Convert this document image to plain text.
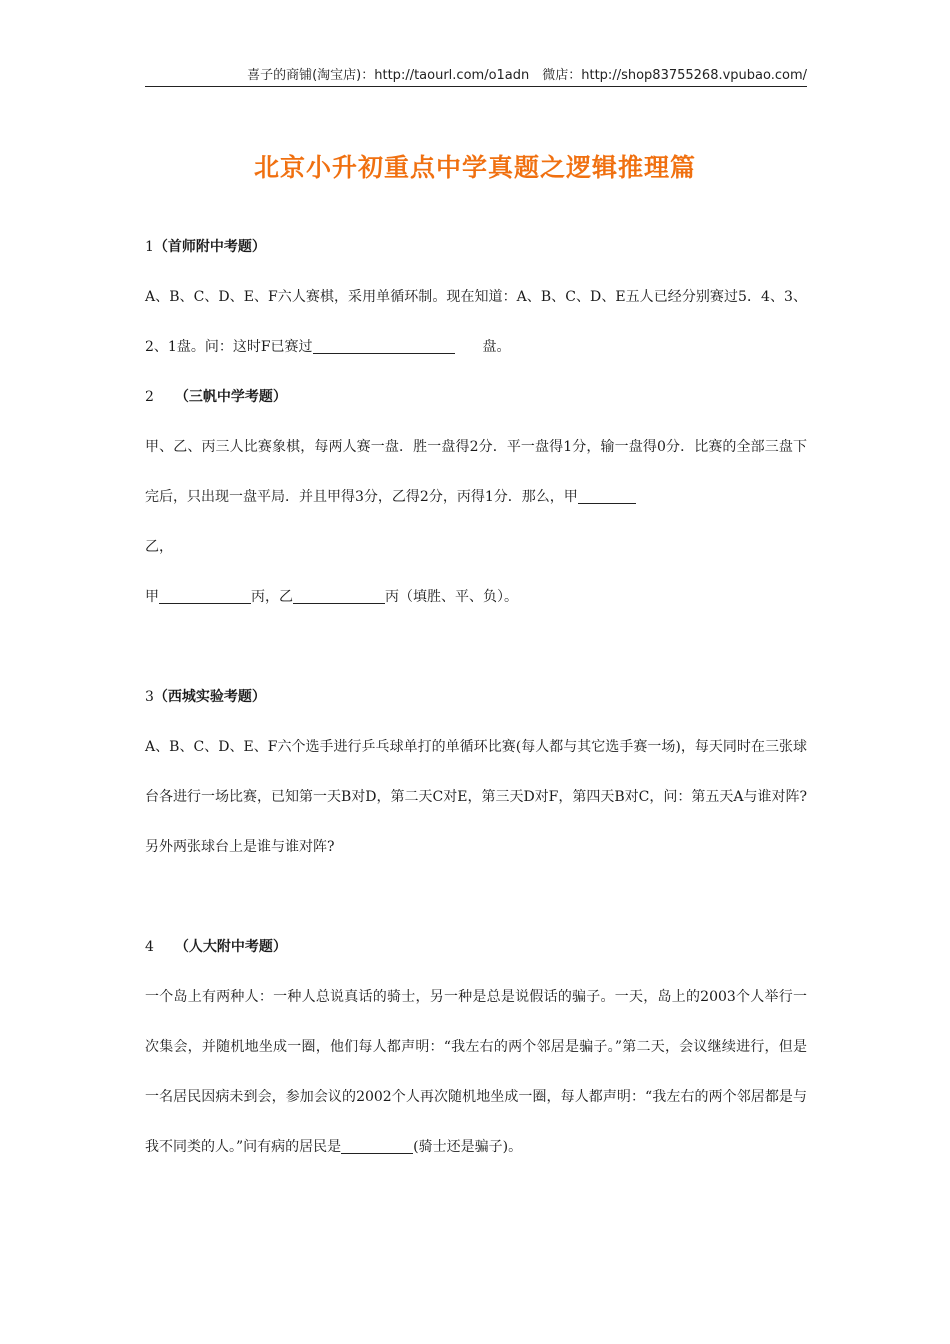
喜子的商铺(淘宝店)：http://taourl.com/o1adn　微店：http://shop83755268.vpubao.com/
北京小升初重点中学真题之逻辑推理篇

1（首师附中考题）

A、B、C、D、E、F六人赛棋，采用单循环制。现在知道：A、B、C、D、E五人已经分别赛过5．4、3、2、1盘。问：这时F已赛过　　	盘。

2　　 （三帆中学考题）

甲、乙、丙三人比赛象棋，每两人赛一盘．胜一盘得2分．平一盘得1分，输一盘得0分．比赛的全部三盘下完后，只出现一盘平局．并且甲得3分，乙得2分，丙得1分．那么，甲
乙，

甲	丙，乙	丙（填胜、平、负）。

3（西城实验考题）

A、B、C、D、E、F六个选手进行乒乓球单打的单循环比赛(每人都与其它选手赛一场)，每天同时在三张球台各进行一场比赛，已知第一天B对D，第二天C对E，第三天D对F，第四天B对C，问：第五天A与谁对阵?另外两张球台上是谁与谁对阵?

4　　 （人大附中考题）

一个岛上有两种人：一种人总说真话的骑士，另一种是总是说假话的骗子。一天，岛上的2003个人举行一次集会，并随机地坐成一圈，他们每人都声明：“我左右的两个邻居是骗子。”第二天，会议继续进行，但是一名居民因病未到会，参加会议的2002个人再次随机地坐成一圈，每人都声明：“我左右的两个邻居都是与我不同类的人。”问有病的居民是	(骑士还是骗子)。
